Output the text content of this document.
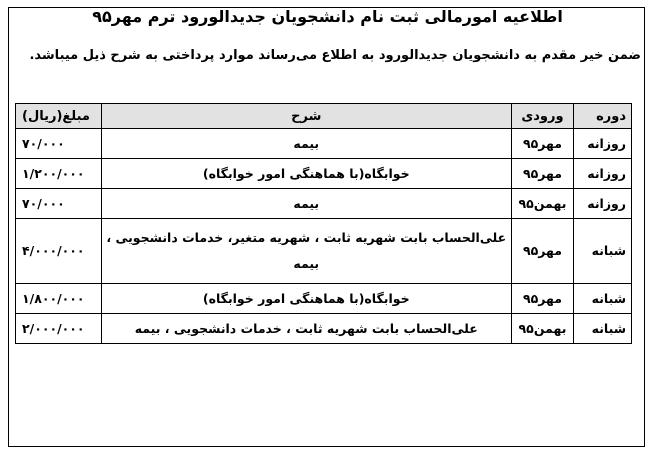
اطلاعیه امورمالی ثبت نام دانشجویان جدیدالورود ترم مهر۹۵
ضمن خیر مقدم به دانشجویان جدیدالورود به اطلاع می‌رساند موارد پرداختی به شرح ذیل میباشد.
دوره	ورودی	شرح	مبلغ(ریال)
روزانه	مهر۹۵	بیمه	۷۰/۰۰۰
روزانه	مهر۹۵	خوابگاه(با هماهنگی امور خوابگاه)	۱/۲۰۰/۰۰۰
روزانه	بهمن۹۵	بیمه	۷۰/۰۰۰
شبانه	مهر۹۵	علی‌الحساب بابت شهریه ثابت ، شهریه متغیر، خدمات دانشجویی ، بیمه	۴/۰۰۰/۰۰۰
شبانه	مهر۹۵	خوابگاه(با هماهنگی امور خوابگاه)	۱/۸۰۰/۰۰۰
شبانه	بهمن۹۵	علی‌الحساب بابت شهریه ثابت ، خدمات دانشجویی ، بیمه	۲/۰۰۰/۰۰۰
